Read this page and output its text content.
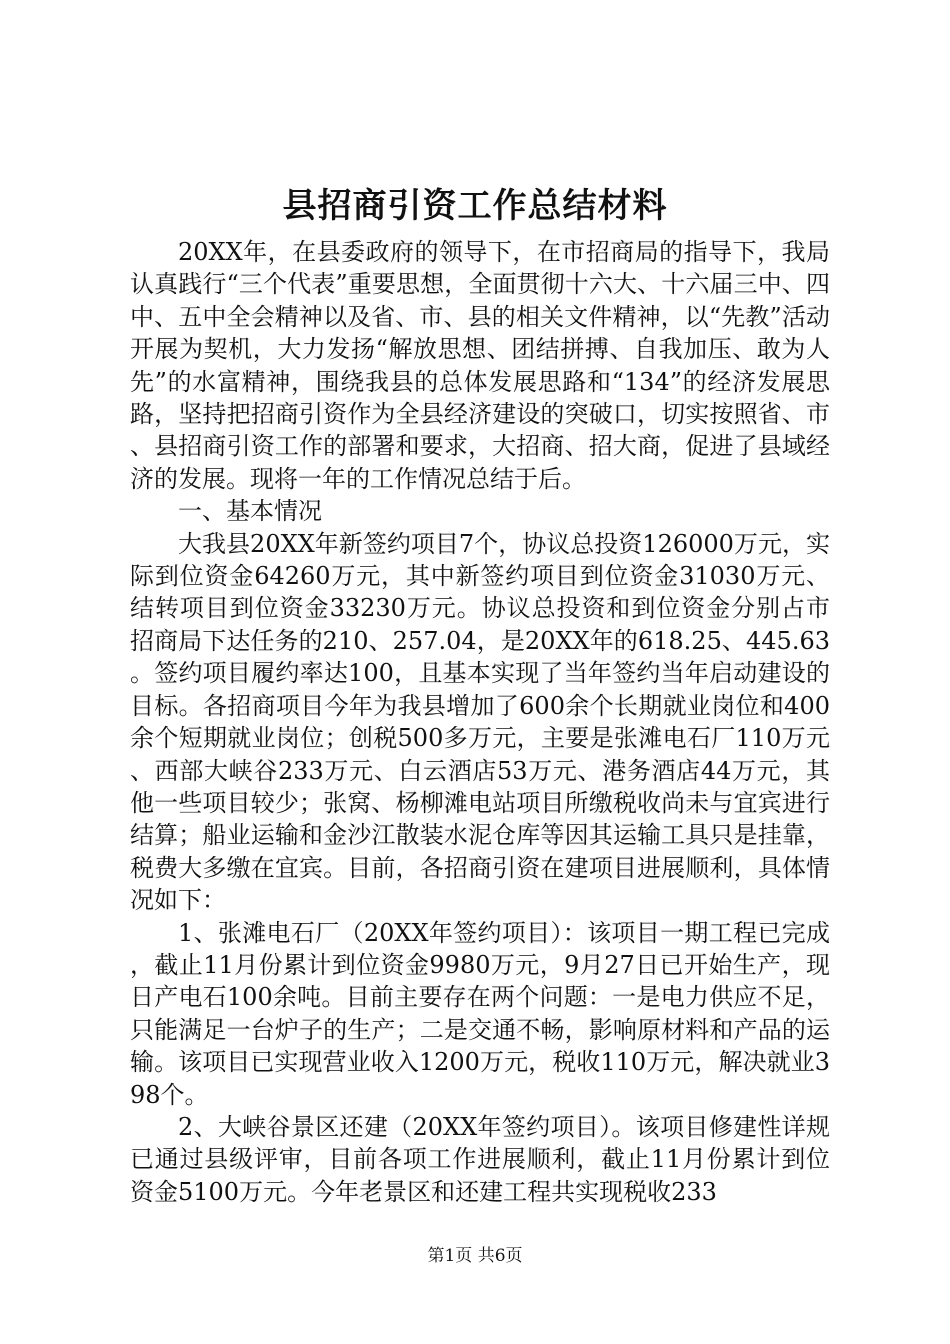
县招商引资工作总结材料

20XX年，在县委政府的领导下，在市招商局的指导下，我局认真践行“三个代表”重要思想，全面贯彻十六大、十六届三中、四中、五中全会精神以及省、市、县的相关文件精神，以“先教”活动开展为契机，大力发扬“解放思想、团结拼搏、自我加压、敢为人先”的水富精神，围绕我县的总体发展思路和“134”的经济发展思路，坚持把招商引资作为全县经济建设的突破口，切实按照省、市、县招商引资工作的部署和要求，大招商、招大商，促进了县域经济的发展。现将一年的工作情况总结于后。

一、基本情况

大我县20XX年新签约项目7个，协议总投资126000万元，实际到位资金64260万元，其中新签约项目到位资金31030万元、结转项目到位资金33230万元。协议总投资和到位资金分别占市招商局下达任务的210、257.04，是20XX年的618.25、445.63。签约项目履约率达100，且基本实现了当年签约当年启动建设的目标。各招商项目今年为我县增加了600余个长期就业岗位和400余个短期就业岗位；创税500多万元，主要是张滩电石厂110万元、西部大峡谷233万元、白云酒店53万元、港务酒店44万元，其他一些项目较少；张窝、杨柳滩电站项目所缴税收尚未与宜宾进行结算；船业运输和金沙江散装水泥仓库等因其运输工具只是挂靠，税费大多缴在宜宾。目前，各招商引资在建项目进展顺利，具体情况如下：

1、张滩电石厂（20XX年签约项目）：该项目一期工程已完成，截止11月份累计到位资金9980万元，9月27日已开始生产，现日产电石100余吨。目前主要存在两个问题：一是电力供应不足，只能满足一台炉子的生产；二是交通不畅，影响原材料和产品的运输。该项目已实现营业收入1200万元，税收110万元，解决就业398个。

2、大峡谷景区还建（20XX年签约项目）。该项目修建性详规已通过县级评审，目前各项工作进展顺利，截止11月份累计到位资金5100万元。今年老景区和还建工程共实现税收233

第1页 共6页
